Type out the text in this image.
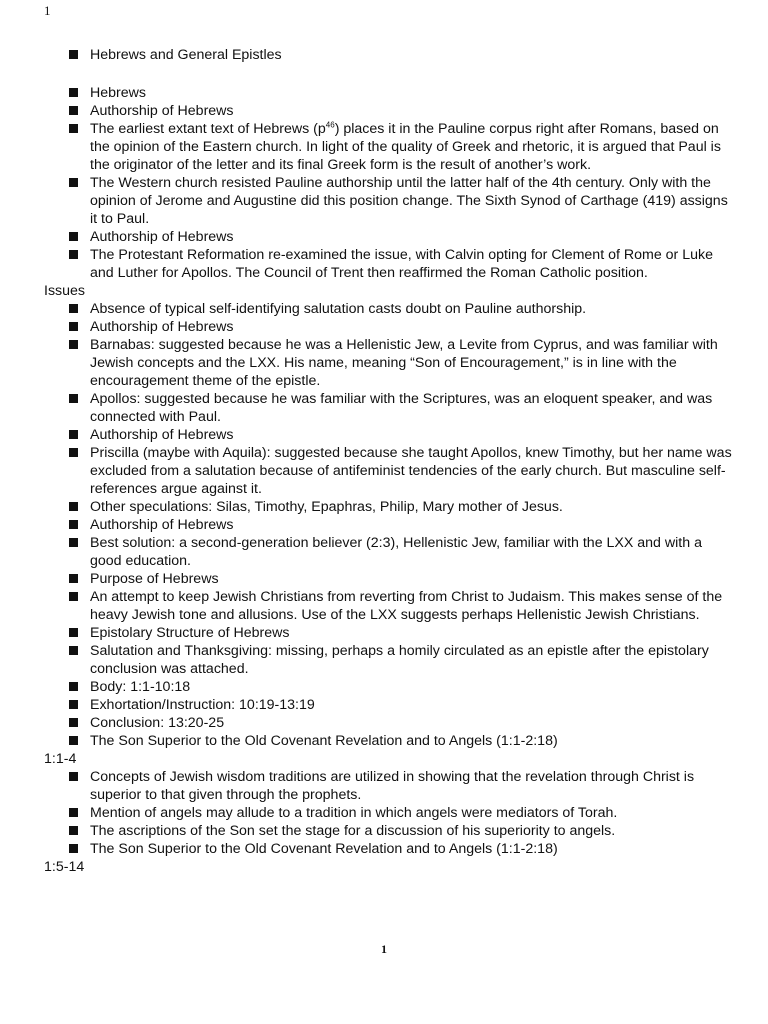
1
Hebrews and General Epistles
Hebrews
Authorship of Hebrews
The earliest extant text of Hebrews $(p^{46})$ places it in the Pauline corpus right after Romans, based on the opinion of the Eastern church. In light of the quality of Greek and rhetoric, it is argued that Paul is the originator of the letter and its final Greek form is the result of another’s work.
The Western church resisted Pauline authorship until the latter half of the 4th century. Only with the opinion of Jerome and Augustine did this position change. The Sixth Synod of Carthage (419) assigns it to Paul.
Authorship of Hebrews
The Protestant Reformation re-examined the issue, with Calvin opting for Clement of Rome or Luke and Luther for Apollos. The Council of Trent then reaffirmed the Roman Catholic position.
Issues
Absence of typical self-identifying salutation casts doubt on Pauline authorship.
Authorship of Hebrews
Barnabas: suggested because he was a Hellenistic Jew, a Levite from Cyprus, and was familiar with Jewish concepts and the LXX. His name, meaning “Son of Encouragement,” is in line with the encouragement theme of the epistle.
Apollos: suggested because he was familiar with the Scriptures, was an eloquent speaker, and was connected with Paul.
Authorship of Hebrews
Priscilla (maybe with Aquila): suggested because she taught Apollos, knew Timothy, but her name was excluded from a salutation because of antifeminist tendencies of the early church. But masculine self-references argue against it.
Other speculations: Silas, Timothy, Epaphras, Philip, Mary mother of Jesus.
Authorship of Hebrews
Best solution: a second-generation believer (2:3), Hellenistic Jew, familiar with the LXX and with a good education.
Purpose of Hebrews
An attempt to keep Jewish Christians from reverting from Christ to Judaism. This makes sense of the heavy Jewish tone and allusions. Use of the LXX suggests perhaps Hellenistic Jewish Christians.
Epistolary Structure of Hebrews
Salutation and Thanksgiving: missing, perhaps a homily circulated as an epistle after the epistolary conclusion was attached.
Body: 1:1-10:18
Exhortation/Instruction: 10:19-13:19
Conclusion: 13:20-25
The Son Superior to the Old Covenant Revelation and to Angels (1:1-2:18)
1:1-4
Concepts of Jewish wisdom traditions are utilized in showing that the revelation through Christ is superior to that given through the prophets.
Mention of angels may allude to a tradition in which angels were mediators of Torah.
The ascriptions of the Son set the stage for a discussion of his superiority to angels.
The Son Superior to the Old Covenant Revelation and to Angels (1:1-2:18)
1:5-14
1
